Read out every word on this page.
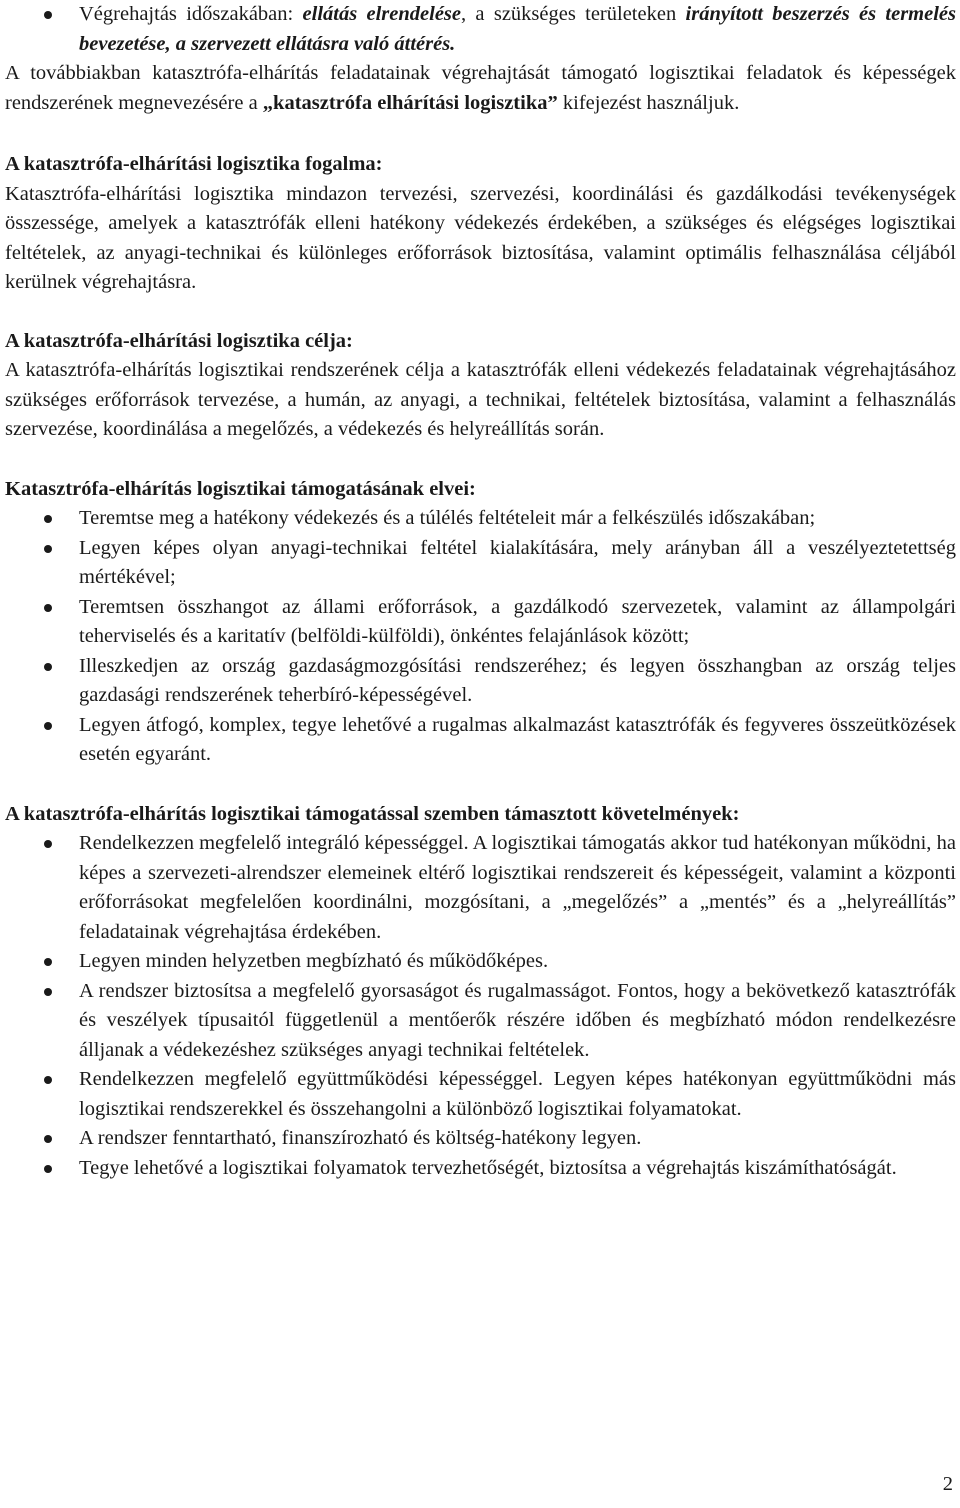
Végrehajtás időszakában: ellátás elrendelése, a szükséges területeken irányított beszerzés és termelés bevezetése, a szervezett ellátásra való áttérés.

A továbbiakban katasztrófa-elhárítás feladatainak végrehajtását támogató logisztikai feladatok és képességek rendszerének megnevezésére a „katasztrófa elhárítási logisztika” kifejezést használjuk.

A katasztrófa-elhárítási logisztika fogalma:

Katasztrófa-elhárítási logisztika mindazon tervezési, szervezési, koordinálási és gazdálkodási tevékenységek összessége, amelyek a katasztrófák elleni hatékony védekezés érdekében, a szükséges és elégséges logisztikai feltételek, az anyagi-technikai és különleges erőforrások biztosítása, valamint optimális felhasználása céljából kerülnek végrehajtásra.

A katasztrófa-elhárítási logisztika célja:

A katasztrófa-elhárítás logisztikai rendszerének célja a katasztrófák elleni védekezés feladatainak végrehajtásához szükséges erőforrások tervezése, a humán, az anyagi, a technikai, feltételek biztosítása, valamint a felhasználás szervezése, koordinálása a megelőzés, a védekezés és helyreállítás során.

Katasztrófa-elhárítás logisztikai támogatásának elvei:

Teremtse meg a hatékony védekezés és a túlélés feltételeit már a felkészülés időszakában;
Legyen képes olyan anyagi-technikai feltétel kialakítására, mely arányban áll a veszélyeztetettség mértékével;
Teremtsen összhangot az állami erőforrások, a gazdálkodó szervezetek, valamint az állampolgári teherviselés és a karitatív (belföldi-külföldi), önkéntes felajánlások között;
Illeszkedjen az ország gazdaságmozgósítási rendszeréhez; és legyen összhangban az ország teljes gazdasági rendszerének teherbíró-képességével.
Legyen átfogó, komplex, tegye lehetővé a rugalmas alkalmazást katasztrófák és fegyveres összeütközések esetén egyaránt.

A katasztrófa-elhárítás logisztikai támogatással szemben támasztott követelmények:

Rendelkezzen megfelelő integráló képességgel. A logisztikai támogatás akkor tud hatékonyan működni, ha képes a szervezeti-alrendszer elemeinek eltérő logisztikai rendszereit és képességeit, valamint a központi erőforrásokat megfelelően koordinálni, mozgósítani, a „megelőzés” a „mentés” és a „helyreállítás” feladatainak végrehajtása érdekében.
Legyen minden helyzetben megbízható és működőképes.
A rendszer biztosítsa a megfelelő gyorsaságot és rugalmasságot. Fontos, hogy a bekövetkező katasztrófák és veszélyek típusaitól függetlenül a mentőerők részére időben és megbízható módon rendelkezésre álljanak a védekezéshez szükséges anyagi technikai feltételek.
Rendelkezzen megfelelő együttműködési képességgel. Legyen képes hatékonyan együttműködni más logisztikai rendszerekkel és összehangolni a különböző logisztikai folyamatokat.
A rendszer fenntartható, finanszírozható és költség-hatékony legyen.
Tegye lehetővé a logisztikai folyamatok tervezhetőségét, biztosítsa a végrehajtás kiszámíthatóságát.
2
